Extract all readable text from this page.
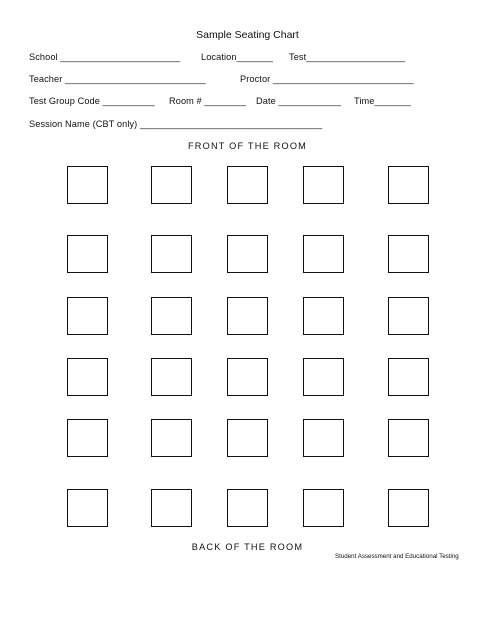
Sample Seating Chart
School _______________________ Location_______ Test___________________
Teacher ___________________________	Proctor ___________________________
Test Group Code __________ Room # ________ Date ____________ Time_______
Session Name (CBT only) ___________________________________
FRONT OF THE ROOM
BACK OF THE ROOM
Student Assessment and Educational Testing
